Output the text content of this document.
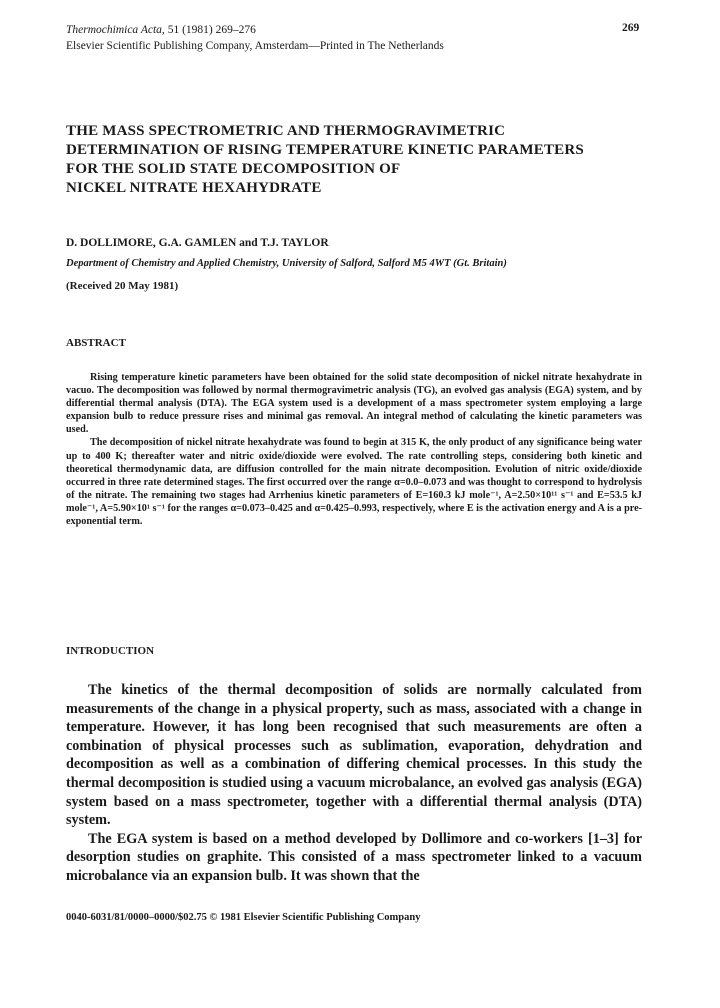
Thermochimica Acta, 51 (1981) 269–276
Elsevier Scientific Publishing Company, Amsterdam—Printed in The Netherlands
269
THE MASS SPECTROMETRIC AND THERMOGRAVIMETRIC
DETERMINATION OF RISING TEMPERATURE KINETIC PARAMETERS
FOR THE SOLID STATE DECOMPOSITION OF
NICKEL NITRATE HEXAHYDRATE
D. DOLLIMORE, G.A. GAMLEN and T.J. TAYLOR
Department of Chemistry and Applied Chemistry, University of Salford, Salford M5 4WT (Gt. Britain)
(Received 20 May 1981)
ABSTRACT

Rising temperature kinetic parameters have been obtained for the solid state decomposition of nickel nitrate hexahydrate in vacuo. The decomposition was followed by normal thermogravimetric analysis (TG), an evolved gas analysis (EGA) system, and by differential thermal analysis (DTA). The EGA system used is a development of a mass spectrometer system employing a large expansion bulb to reduce pressure rises and minimal gas removal. An integral method of calculating the kinetic parameters was used.

The decomposition of nickel nitrate hexahydrate was found to begin at 315 K, the only product of any significance being water up to 400 K; thereafter water and nitric oxide/dioxide were evolved. The rate controlling steps, considering both kinetic and theoretical thermodynamic data, are diffusion controlled for the main nitrate decomposition. Evolution of nitric oxide/dioxide occurred in three rate determined stages. The first occurred over the range α=0.0–0.073 and was thought to correspond to hydrolysis of the nitrate. The remaining two stages had Arrhenius kinetic parameters of E=160.3 kJ mole⁻¹, A=2.50×10¹¹ s⁻¹ and E=53.5 kJ mole⁻¹, A=5.90×10¹ s⁻¹ for the ranges α=0.073–0.425 and α=0.425–0.993, respectively, where E is the activation energy and A is a pre-exponential term.

INTRODUCTION

The kinetics of the thermal decomposition of solids are normally calculated from measurements of the change in a physical property, such as mass, associated with a change in temperature. However, it has long been recognised that such measurements are often a combination of physical processes such as sublimation, evaporation, dehydration and decomposition as well as a combination of differing chemical processes. In this study the thermal decomposition is studied using a vacuum microbalance, an evolved gas analysis (EGA) system based on a mass spectrometer, together with a differential thermal analysis (DTA) system.

The EGA system is based on a method developed by Dollimore and co-workers [1–3] for desorption studies on graphite. This consisted of a mass spectrometer linked to a vacuum microbalance via an expansion bulb. It was shown that the

0040-6031/81/0000–0000/$02.75 © 1981 Elsevier Scientific Publishing Company
